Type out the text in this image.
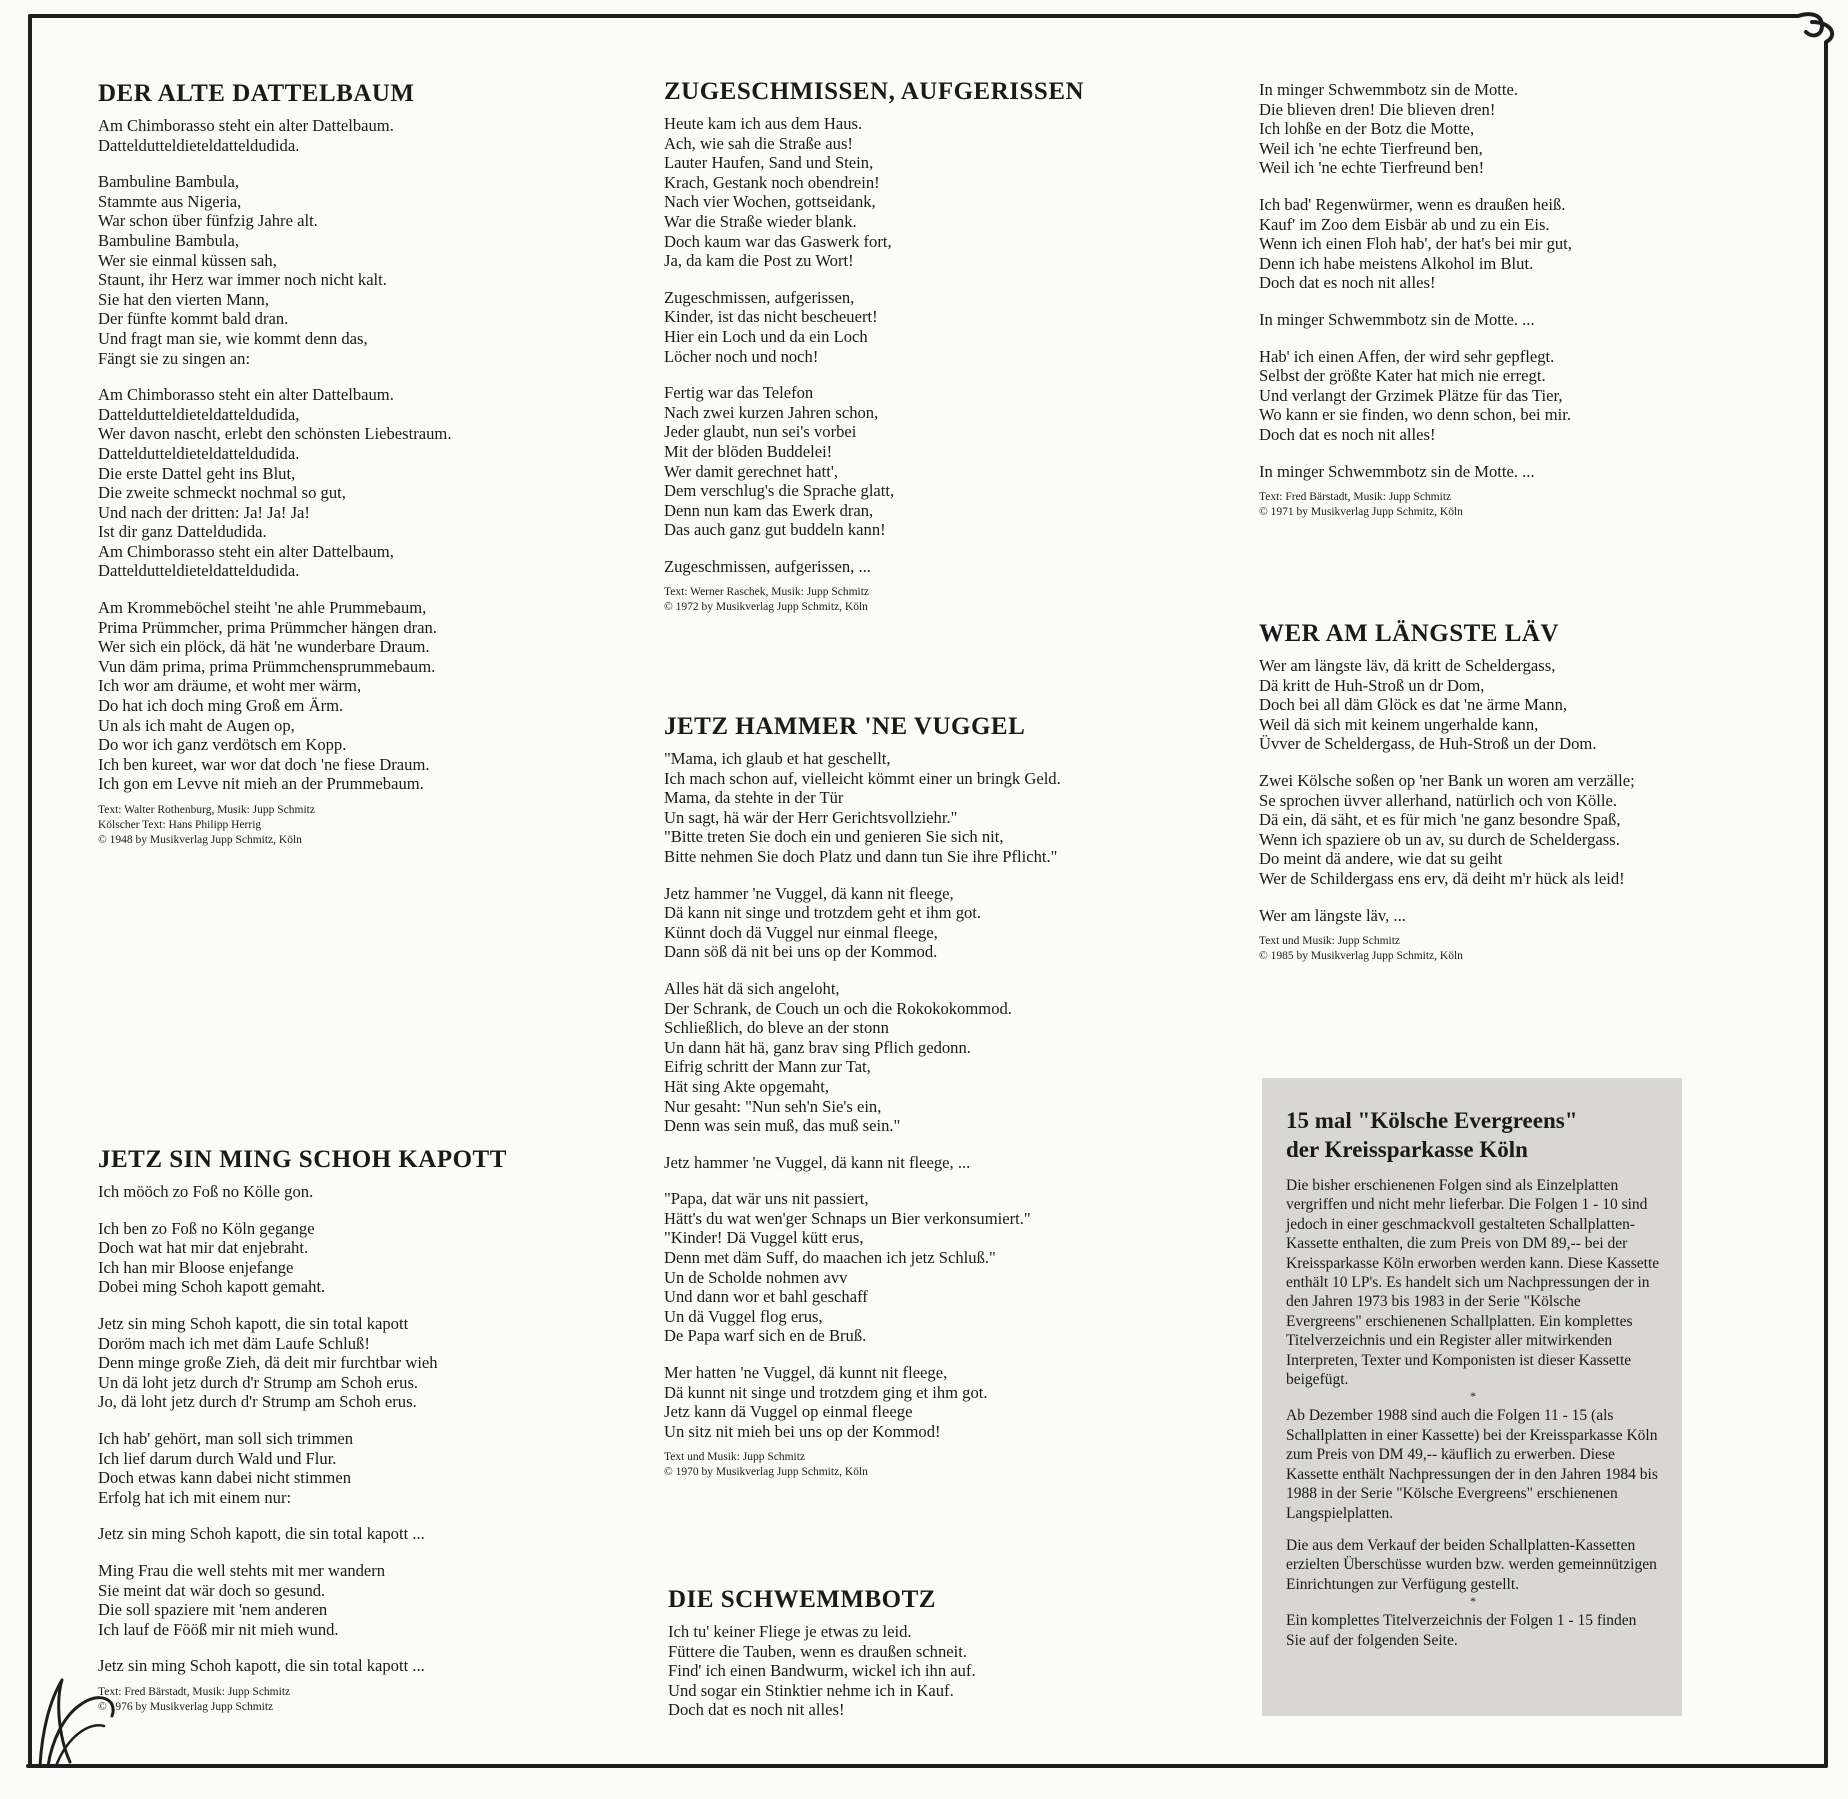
DER ALTE DATTELBAUM
Am Chimborasso steht ein alter Dattelbaum.
Datteldutteldieteldatteldudida.
Bambuline Bambula,
Stammte aus Nigeria,
War schon über fünfzig Jahre alt.
Bambuline Bambula,
Wer sie einmal küssen sah,
Staunt, ihr Herz war immer noch nicht kalt.
Sie hat den vierten Mann,
Der fünfte kommt bald dran.
Und fragt man sie, wie kommt denn das,
Fängt sie zu singen an:
Am Chimborasso steht ein alter Dattelbaum.
Datteldutteldieteldatteldudida,
Wer davon nascht, erlebt den schönsten Liebestraum.
Datteldutteldieteldatteldudida.
Die erste Dattel geht ins Blut,
Die zweite schmeckt nochmal so gut,
Und nach der dritten: Ja! Ja! Ja!
Ist dir ganz Datteldudida.
Am Chimborasso steht ein alter Dattelbaum,
Datteldutteldieteldatteldudida.
Am Krommeböchel steiht 'ne ahle Prummebaum,
Prima Prümmcher, prima Prümmcher hängen dran.
Wer sich ein plöck, dä hät 'ne wunderbare Draum.
Vun däm prima, prima Prümmchensprummebaum.
Ich wor am dräume, et woht mer wärm,
Do hat ich doch ming Groß em Ärm.
Un als ich maht de Augen op,
Do wor ich ganz verdötsch em Kopp.
Ich ben kureet, war wor dat doch 'ne fiese Draum.
Ich gon em Levve nit mieh an der Prummebaum.
Text: Walter Rothenburg, Musik: Jupp Schmitz
Kölscher Text: Hans Philipp Herrig
© 1948 by Musikverlag Jupp Schmitz, Köln
JETZ SIN MING SCHOH KAPOTT
Ich mööch zo Foß no Kölle gon.
Ich ben zo Foß no Köln gegange
Doch wat hat mir dat enjebraht.
Ich han mir Bloose enjefange
Dobei ming Schoh kapott gemaht.
Jetz sin ming Schoh kapott, die sin total kapott
Doröm mach ich met däm Laufe Schluß!
Denn minge große Zieh, dä deit mir furchtbar wieh
Un dä loht jetz durch d'r Strump am Schoh erus.
Jo, dä loht jetz durch d'r Strump am Schoh erus.
Ich hab' gehört, man soll sich trimmen
Ich lief darum durch Wald und Flur.
Doch etwas kann dabei nicht stimmen
Erfolg hat ich mit einem nur:
Jetz sin ming Schoh kapott, die sin total kapott ...
Ming Frau die well stehts mit mer wandern
Sie meint dat wär doch so gesund.
Die soll spaziere mit 'nem anderen
Ich lauf de Fööß mir nit mieh wund.
Jetz sin ming Schoh kapott, die sin total kapott ...
Text: Fred Bärstadt, Musik: Jupp Schmitz
© 1976 by Musikverlag Jupp Schmitz
ZUGESCHMISSEN, AUFGERISSEN
Heute kam ich aus dem Haus.
Ach, wie sah die Straße aus!
Lauter Haufen, Sand und Stein,
Krach, Gestank noch obendrein!
Nach vier Wochen, gottseidank,
War die Straße wieder blank.
Doch kaum war das Gaswerk fort,
Ja, da kam die Post zu Wort!
Zugeschmissen, aufgerissen,
Kinder, ist das nicht bescheuert!
Hier ein Loch und da ein Loch
Löcher noch und noch!
Fertig war das Telefon
Nach zwei kurzen Jahren schon,
Jeder glaubt, nun sei's vorbei
Mit der blöden Buddelei!
Wer damit gerechnet hatt',
Dem verschlug's die Sprache glatt,
Denn nun kam das Ewerk dran,
Das auch ganz gut buddeln kann!
Zugeschmissen, aufgerissen, ...
Text: Werner Raschek, Musik: Jupp Schmitz
© 1972 by Musikverlag Jupp Schmitz, Köln
JETZ HAMMER 'NE VUGGEL
"Mama, ich glaub et hat geschellt,
Ich mach schon auf, vielleicht kömmt einer un bringk Geld.
Mama, da stehte in der Tür
Un sagt, hä wär der Herr Gerichtsvollziehr."
"Bitte treten Sie doch ein und genieren Sie sich nit,
Bitte nehmen Sie doch Platz und dann tun Sie ihre Pflicht."
Jetz hammer 'ne Vuggel, dä kann nit fleege,
Dä kann nit singe und trotzdem geht et ihm got.
Künnt doch dä Vuggel nur einmal fleege,
Dann söß dä nit bei uns op der Kommod.
Alles hät dä sich angeloht,
Der Schrank, de Couch un och die Rokokokommod.
Schließlich, do bleve an der stonn
Un dann hät hä, ganz brav sing Pflich gedonn.
Eifrig schritt der Mann zur Tat,
Hät sing Akte opgemaht,
Nur gesaht: "Nun seh'n Sie's ein,
Denn was sein muß, das muß sein."
Jetz hammer 'ne Vuggel, dä kann nit fleege, ...
"Papa, dat wär uns nit passiert,
Hätt's du wat wen'ger Schnaps un Bier verkonsumiert."
"Kinder! Dä Vuggel kütt erus,
Denn met däm Suff, do maachen ich jetz Schluß."
Un de Scholde nohmen avv
Und dann wor et bahl geschaff
Un dä Vuggel flog erus,
De Papa warf sich en de Bruß.
Mer hatten 'ne Vuggel, dä kunnt nit fleege,
Dä kunnt nit singe und trotzdem ging et ihm got.
Jetz kann dä Vuggel op einmal fleege
Un sitz nit mieh bei uns op der Kommod!
Text und Musik: Jupp Schmitz
© 1970 by Musikverlag Jupp Schmitz, Köln
DIE SCHWEMMBOTZ
Ich tu' keiner Fliege je etwas zu leid.
Füttere die Tauben, wenn es draußen schneit.
Find' ich einen Bandwurm, wickel ich ihn auf.
Und sogar ein Stinktier nehme ich in Kauf.
Doch dat es noch nit alles!
In minger Schwemmbotz sin de Motte.
Die blieven dren! Die blieven dren!
Ich lohße en der Botz die Motte,
Weil ich 'ne echte Tierfreund ben,
Weil ich 'ne echte Tierfreund ben!
Ich bad' Regenwürmer, wenn es draußen heiß.
Kauf' im Zoo dem Eisbär ab und zu ein Eis.
Wenn ich einen Floh hab', der hat's bei mir gut,
Denn ich habe meistens Alkohol im Blut.
Doch dat es noch nit alles!
In minger Schwemmbotz sin de Motte. ...
Hab' ich einen Affen, der wird sehr gepflegt.
Selbst der größte Kater hat mich nie erregt.
Und verlangt der Grzimek Plätze für das Tier,
Wo kann er sie finden, wo denn schon, bei mir.
Doch dat es noch nit alles!
In minger Schwemmbotz sin de Motte. ...
Text: Fred Bärstadt, Musik: Jupp Schmitz
© 1971 by Musikverlag Jupp Schmitz, Köln
WER AM LÄNGSTE LÄV
Wer am längste läv, dä kritt de Scheldergass,
Dä kritt de Huh-Stroß un dr Dom,
Doch bei all däm Glöck es dat 'ne ärme Mann,
Weil dä sich mit keinem ungerhalde kann,
Üvver de Scheldergass, de Huh-Stroß un der Dom.
Zwei Kölsche soßen op 'ner Bank un woren am verzälle;
Se sprochen üvver allerhand, natürlich och von Kölle.
Dä ein, dä säht, et es für mich 'ne ganz besondre Spaß,
Wenn ich spaziere ob un av, su durch de Scheldergass.
Do meint dä andere, wie dat su geiht
Wer de Schildergass ens erv, dä deiht m'r hück als leid!
Wer am längste läv, ...
Text und Musik: Jupp Schmitz
© 1985 by Musikverlag Jupp Schmitz, Köln
15 mal "Kölsche Evergreens"
der Kreissparkasse Köln

Die bisher erschienenen Folgen sind als Einzelplatten vergriffen und nicht mehr lieferbar. Die Folgen 1 - 10 sind jedoch in einer geschmackvoll gestalteten Schallplatten-Kassette enthalten, die zum Preis von DM 89,-- bei der Kreissparkasse Köln erworben werden kann. Diese Kassette enthält 10 LP's. Es handelt sich um Nachpressungen der in den Jahren 1973 bis 1983 in der Serie "Kölsche Evergreens" erschienenen Schallplatten. Ein komplettes Titelverzeichnis und ein Register aller mitwirkenden Interpreten, Texter und Komponisten ist dieser Kassette beigefügt.

*

Ab Dezember 1988 sind auch die Folgen 11 - 15 (als Schallplatten in einer Kassette) bei der Kreissparkasse Köln zum Preis von DM 49,-- käuflich zu erwerben. Diese Kassette enthält Nachpressungen der in den Jahren 1984 bis 1988 in der Serie "Kölsche Evergreens" erschienenen Langspielplatten.

Die aus dem Verkauf der beiden Schallplatten-Kassetten erzielten Überschüsse wurden bzw. werden gemeinnützigen Einrichtungen zur Verfügung gestellt.

*

Ein komplettes Titelverzeichnis der Folgen 1 - 15 finden Sie auf der folgenden Seite.
